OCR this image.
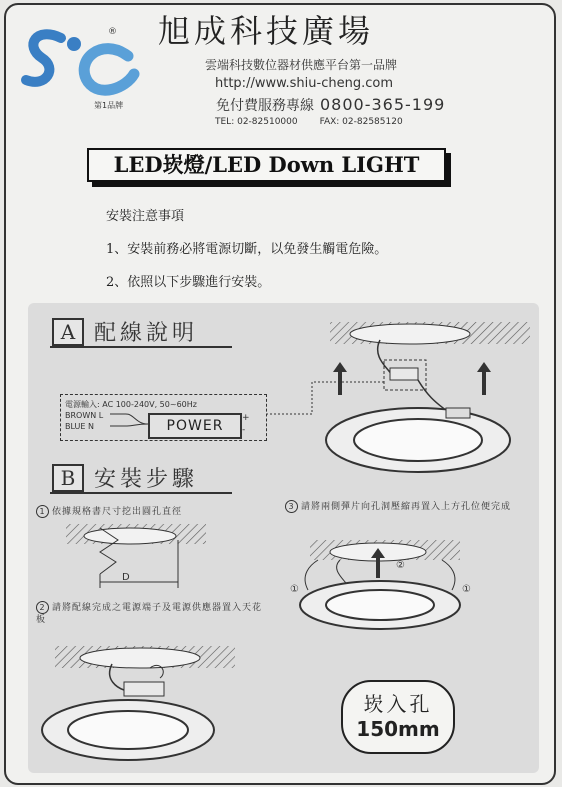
®
第1品牌
旭成科技廣場
雲端科技數位器材供應平台第一品牌
http://www.shiu-cheng.com
免付費服務專線 0800-365-199
TEL: 02-82510000 FAX: 02-82585120
LED崁燈/LED Down LIGHT
安裝注意事項
1、安裝前務必將電源切斷，以免發生觸電危險。
2、依照以下步驟進行安裝。
D
①
②
①
A 配線說明
電源輸入: AC 100-240V, 50~60Hz
BROWN L
BLUE N
+
-
POWER
B 安裝步驟
1 依據規格書尺寸挖出圓孔直徑
2 請將配線完成之電源端子及電源供應器置入天花板
3 請將兩側彈片向孔洞壓縮再置入上方孔位便完成
崁入孔
150mm
